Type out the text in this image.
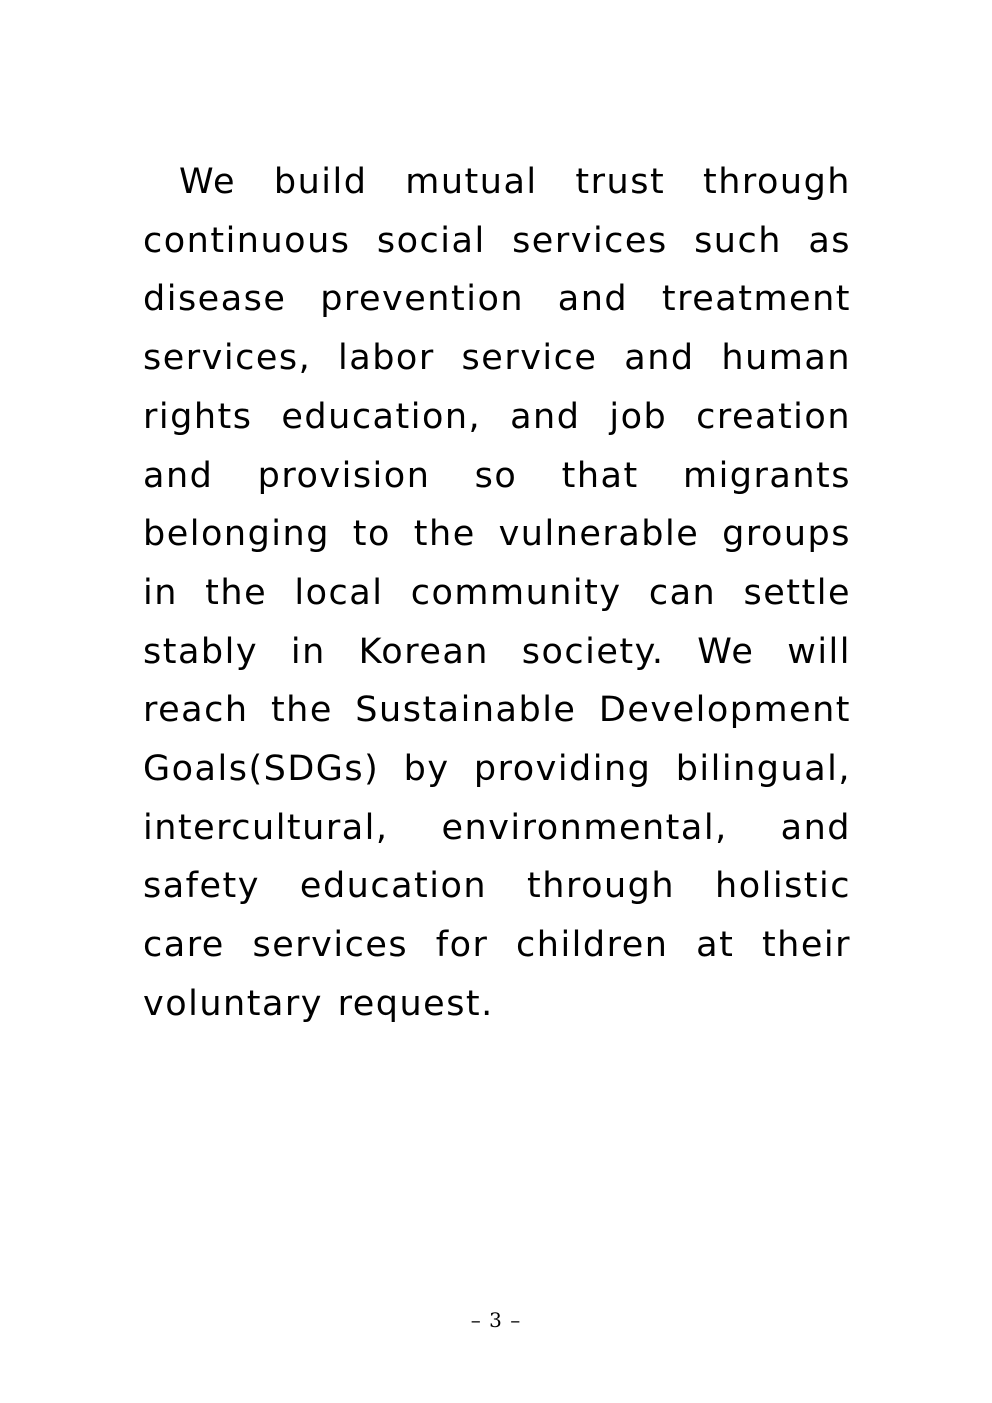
We build mutual trust through continuous social services such as disease prevention and treatment services, labor service and human rights education, and job creation and provision so that migrants belonging to the vulnerable groups in the local community can settle stably in Korean society. We will reach the Sustainable Development Goals(SDGs) by providing bilingual, intercultural, environmental, and safety education through holistic care services for children at their voluntary request.

– 3 –
